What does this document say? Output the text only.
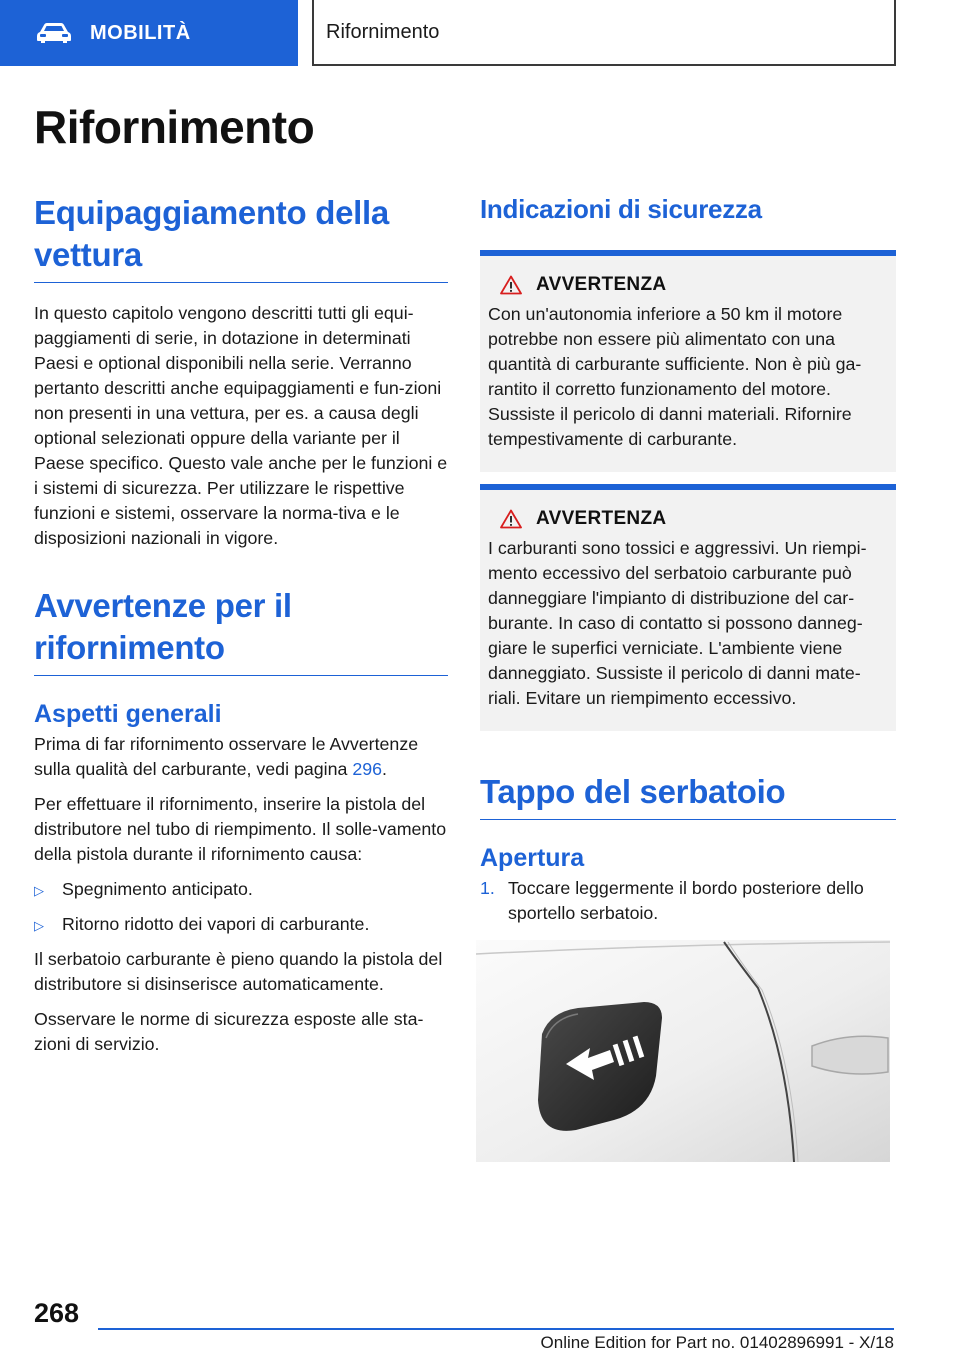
MOBILITÀ	Rifornimento
Rifornimento
Equipaggiamento della vettura

In questo capitolo vengono descritti tutti gli equi-paggiamenti di serie, in dotazione in determinati Paesi e optional disponibili nella serie. Verranno pertanto descritti anche equipaggiamenti e fun-zioni non presenti in una vettura, per es. a causa degli optional selezionati oppure della variante per il Paese specifico. Questo vale anche per le funzioni e i sistemi di sicurezza. Per utilizzare le rispettive funzioni e sistemi, osservare la norma-tiva e le disposizioni nazionali in vigore.

Avvertenze per il rifornimento
Aspetti generali

Prima di far rifornimento osservare le Avvertenze sulla qualità del carburante, vedi pagina 296.

Per effettuare il rifornimento, inserire la pistola del distributore nel tubo di riempimento. Il solle-vamento della pistola durante il rifornimento causa:

▷	Spegnimento anticipato.
▷	Ritorno ridotto dei vapori di carburante.

Il serbatoio carburante è pieno quando la pistola del distributore si disinserisce automaticamente.

Osservare le norme di sicurezza esposte alle sta-zioni di servizio.

Indicazioni di sicurezza
AVVERTENZA

Con un'autonomia inferiore a 50 km il motore potrebbe non essere più alimentato con una quantità di carburante sufficiente. Non è più ga-rantito il corretto funzionamento del motore. Sussiste il pericolo di danni materiali. Rifornire tempestivamente di carburante.

AVVERTENZA

I carburanti sono tossici e aggressivi. Un riempi-mento eccessivo del serbatoio carburante può danneggiare l'impianto di distribuzione del car-burante. In caso di contatto si possono danneg-giare le superfici verniciate. L'ambiente viene danneggiato. Sussiste il pericolo di danni mate-riali. Evitare un riempimento eccessivo.

Tappo del serbatoio
Apertura
1. Toccare leggermente il bordo posteriore dello sportello serbatoio.
268
Online Edition for Part no. 01402896991 - X/18
